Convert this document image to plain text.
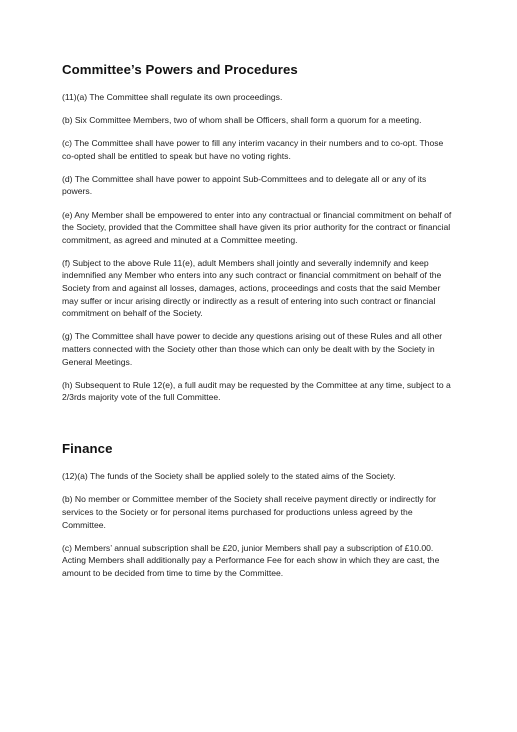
Committee’s Powers and Procedures

(11)(a) The Committee shall regulate its own proceedings.

(b) Six Committee Members, two of whom shall be Officers, shall form a quorum for a meeting.

(c) The Committee shall have power to fill any interim vacancy in their numbers and to co-opt. Those co-opted shall be entitled to speak but have no voting rights.

(d) The Committee shall have power to appoint Sub-Committees and to delegate all or any of its powers.

(e) Any Member shall be empowered to enter into any contractual or financial commitment on behalf of the Society, provided that the Committee shall have given its prior authority for the contract or financial commitment, as agreed and minuted at a Committee meeting.

(f) Subject to the above Rule 11(e), adult Members shall jointly and severally indemnify and keep indemnified any Member who enters into any such contract or financial commitment on behalf of the Society from and against all losses, damages, actions, proceedings and costs that the said Member may suffer or incur arising directly or indirectly as a result of entering into such contract or financial commitment on behalf of the Society.

(g) The Committee shall have power to decide any questions arising out of these Rules and all other matters connected with the Society other than those which can only be dealt with by the Society in General Meetings.

(h) Subsequent to Rule 12(e), a full audit may be requested by the Committee at any time, subject to a 2/3rds majority vote of the full Committee.

Finance

(12)(a) The funds of the Society shall be applied solely to the stated aims of the Society.

(b) No member or Committee member of the Society shall receive payment directly or indirectly for services to the Society or for personal items purchased for productions unless agreed by the Committee.

(c) Members’ annual subscription shall be £20, junior Members shall pay a subscription of £10.00. Acting Members shall additionally pay a Performance Fee for each show in which they are cast, the amount to be decided from time to time by the Committee.
